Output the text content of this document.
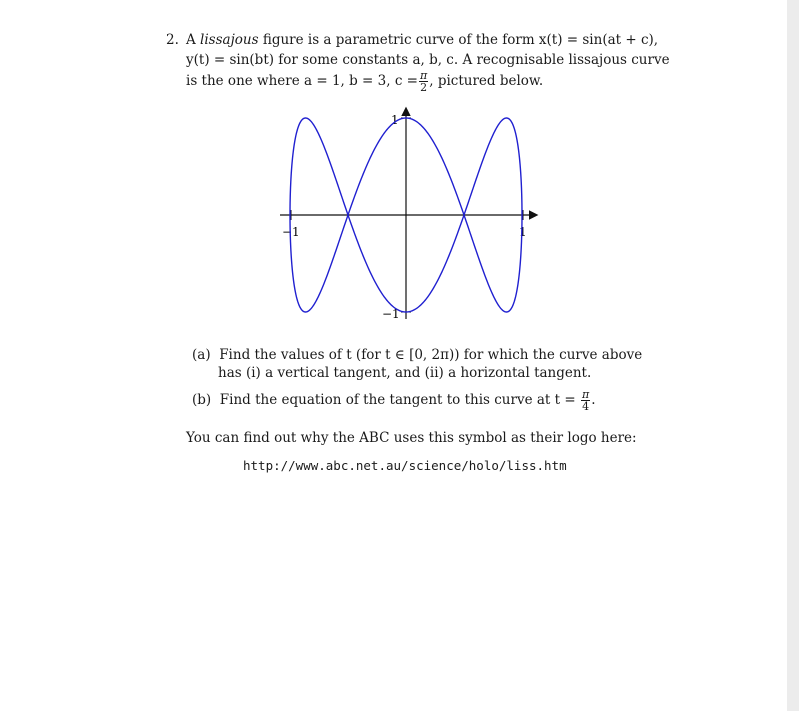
2. A lissajous figure is a parametric curve of the form x(t) = sin(at + c),
y(t) = sin(bt) for some constants a, b, c. A recognisable lissajous curve
is the one where a = 1, b = 3, $c = \frac{\pi}{2}$ , pictured below.
−1	1
1
−1
(a) Find the values of t (for t ∈ [0, 2π)) for which the curve above
has (i) a vertical tangent, and (ii) a horizontal tangent.
(b) Find the equation of the tangent to this curve at $t = \frac{\pi}{4}$ .
You can find out why the ABC uses this symbol as their logo here:
http://www.abc.net.au/science/holo/liss.htm
